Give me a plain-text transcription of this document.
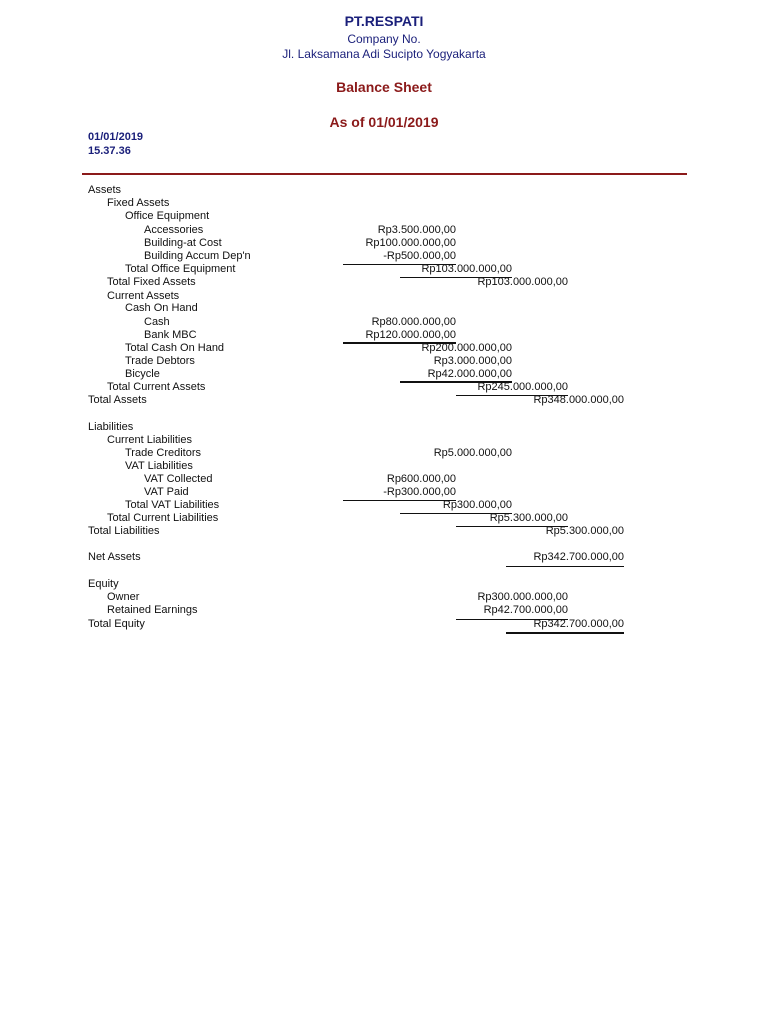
PT.RESPATI
Company No.
Jl. Laksamana Adi Sucipto Yogyakarta
Balance Sheet
As of 01/01/2019
01/01/2019
15.37.36
Assets
Fixed Assets
Office Equipment
Accessories	Rp3.500.000,00
Building-at Cost	Rp100.000.000,00
Building Accum Dep'n	-Rp500.000,00
Total Office Equipment	Rp103.000.000,00
Total Fixed Assets	Rp103.000.000,00
Current Assets
Cash On Hand
Cash	Rp80.000.000,00
Bank MBC	Rp120.000.000,00
Total Cash On Hand	Rp200.000.000,00
Trade Debtors	Rp3.000.000,00
Bicycle	Rp42.000.000,00
Total Current Assets	Rp245.000.000,00
Total Assets	Rp348.000.000,00
Liabilities
Current Liabilities
Trade Creditors	Rp5.000.000,00
VAT Liabilities
VAT Collected	Rp600.000,00
VAT Paid	-Rp300.000,00
Total VAT Liabilities	Rp300.000,00
Total Current Liabilities	Rp5.300.000,00
Total Liabilities	Rp5.300.000,00
Net Assets	Rp342.700.000,00
Equity
Owner	Rp300.000.000,00
Retained Earnings	Rp42.700.000,00
Total Equity	Rp342.700.000,00
